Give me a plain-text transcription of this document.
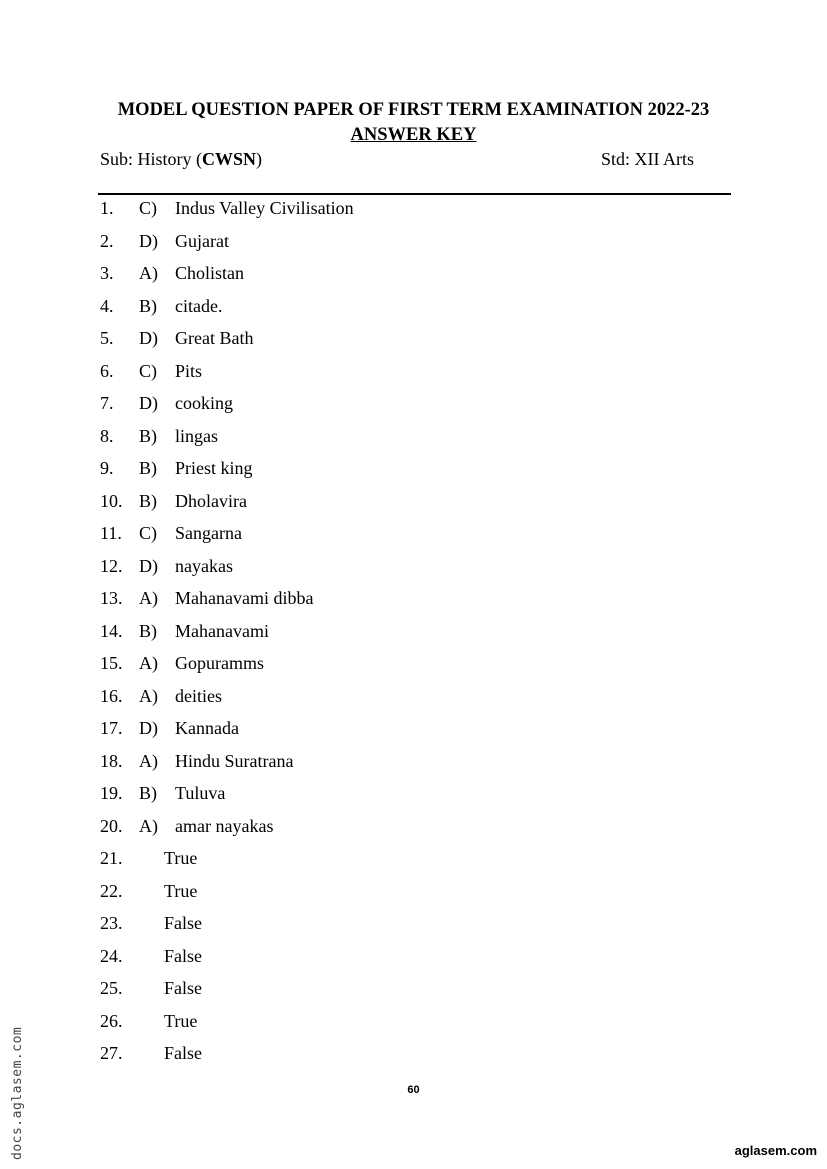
MODEL QUESTION PAPER OF FIRST TERM EXAMINATION 2022-23
ANSWER KEY
Sub: History (CWSN)	Std: XII Arts
1.	C)	Indus Valley Civilisation
2.	D) Gujarat
3.	A) Cholistan
4.	B)	citade.
5.	D) Great Bath
6.	C)	Pits
7.	D) cooking
8.	B)	lingas
9.	B)	Priest king
10. B)	Dholavira
11. C)	Sangarna
12. D) nayakas
13. A) Mahanavami dibba
14. B)	Mahanavami
15. A) Gopuramms
16. A) deities
17. D) Kannada
18. A) Hindu Suratrana
19. B)	Tuluva
20. A) amar nayakas
21.	True
22.	True
23.	False
24.	False
25.	False
26.	True
27.	False
60
docs.aglasem.com	aglasem.com
